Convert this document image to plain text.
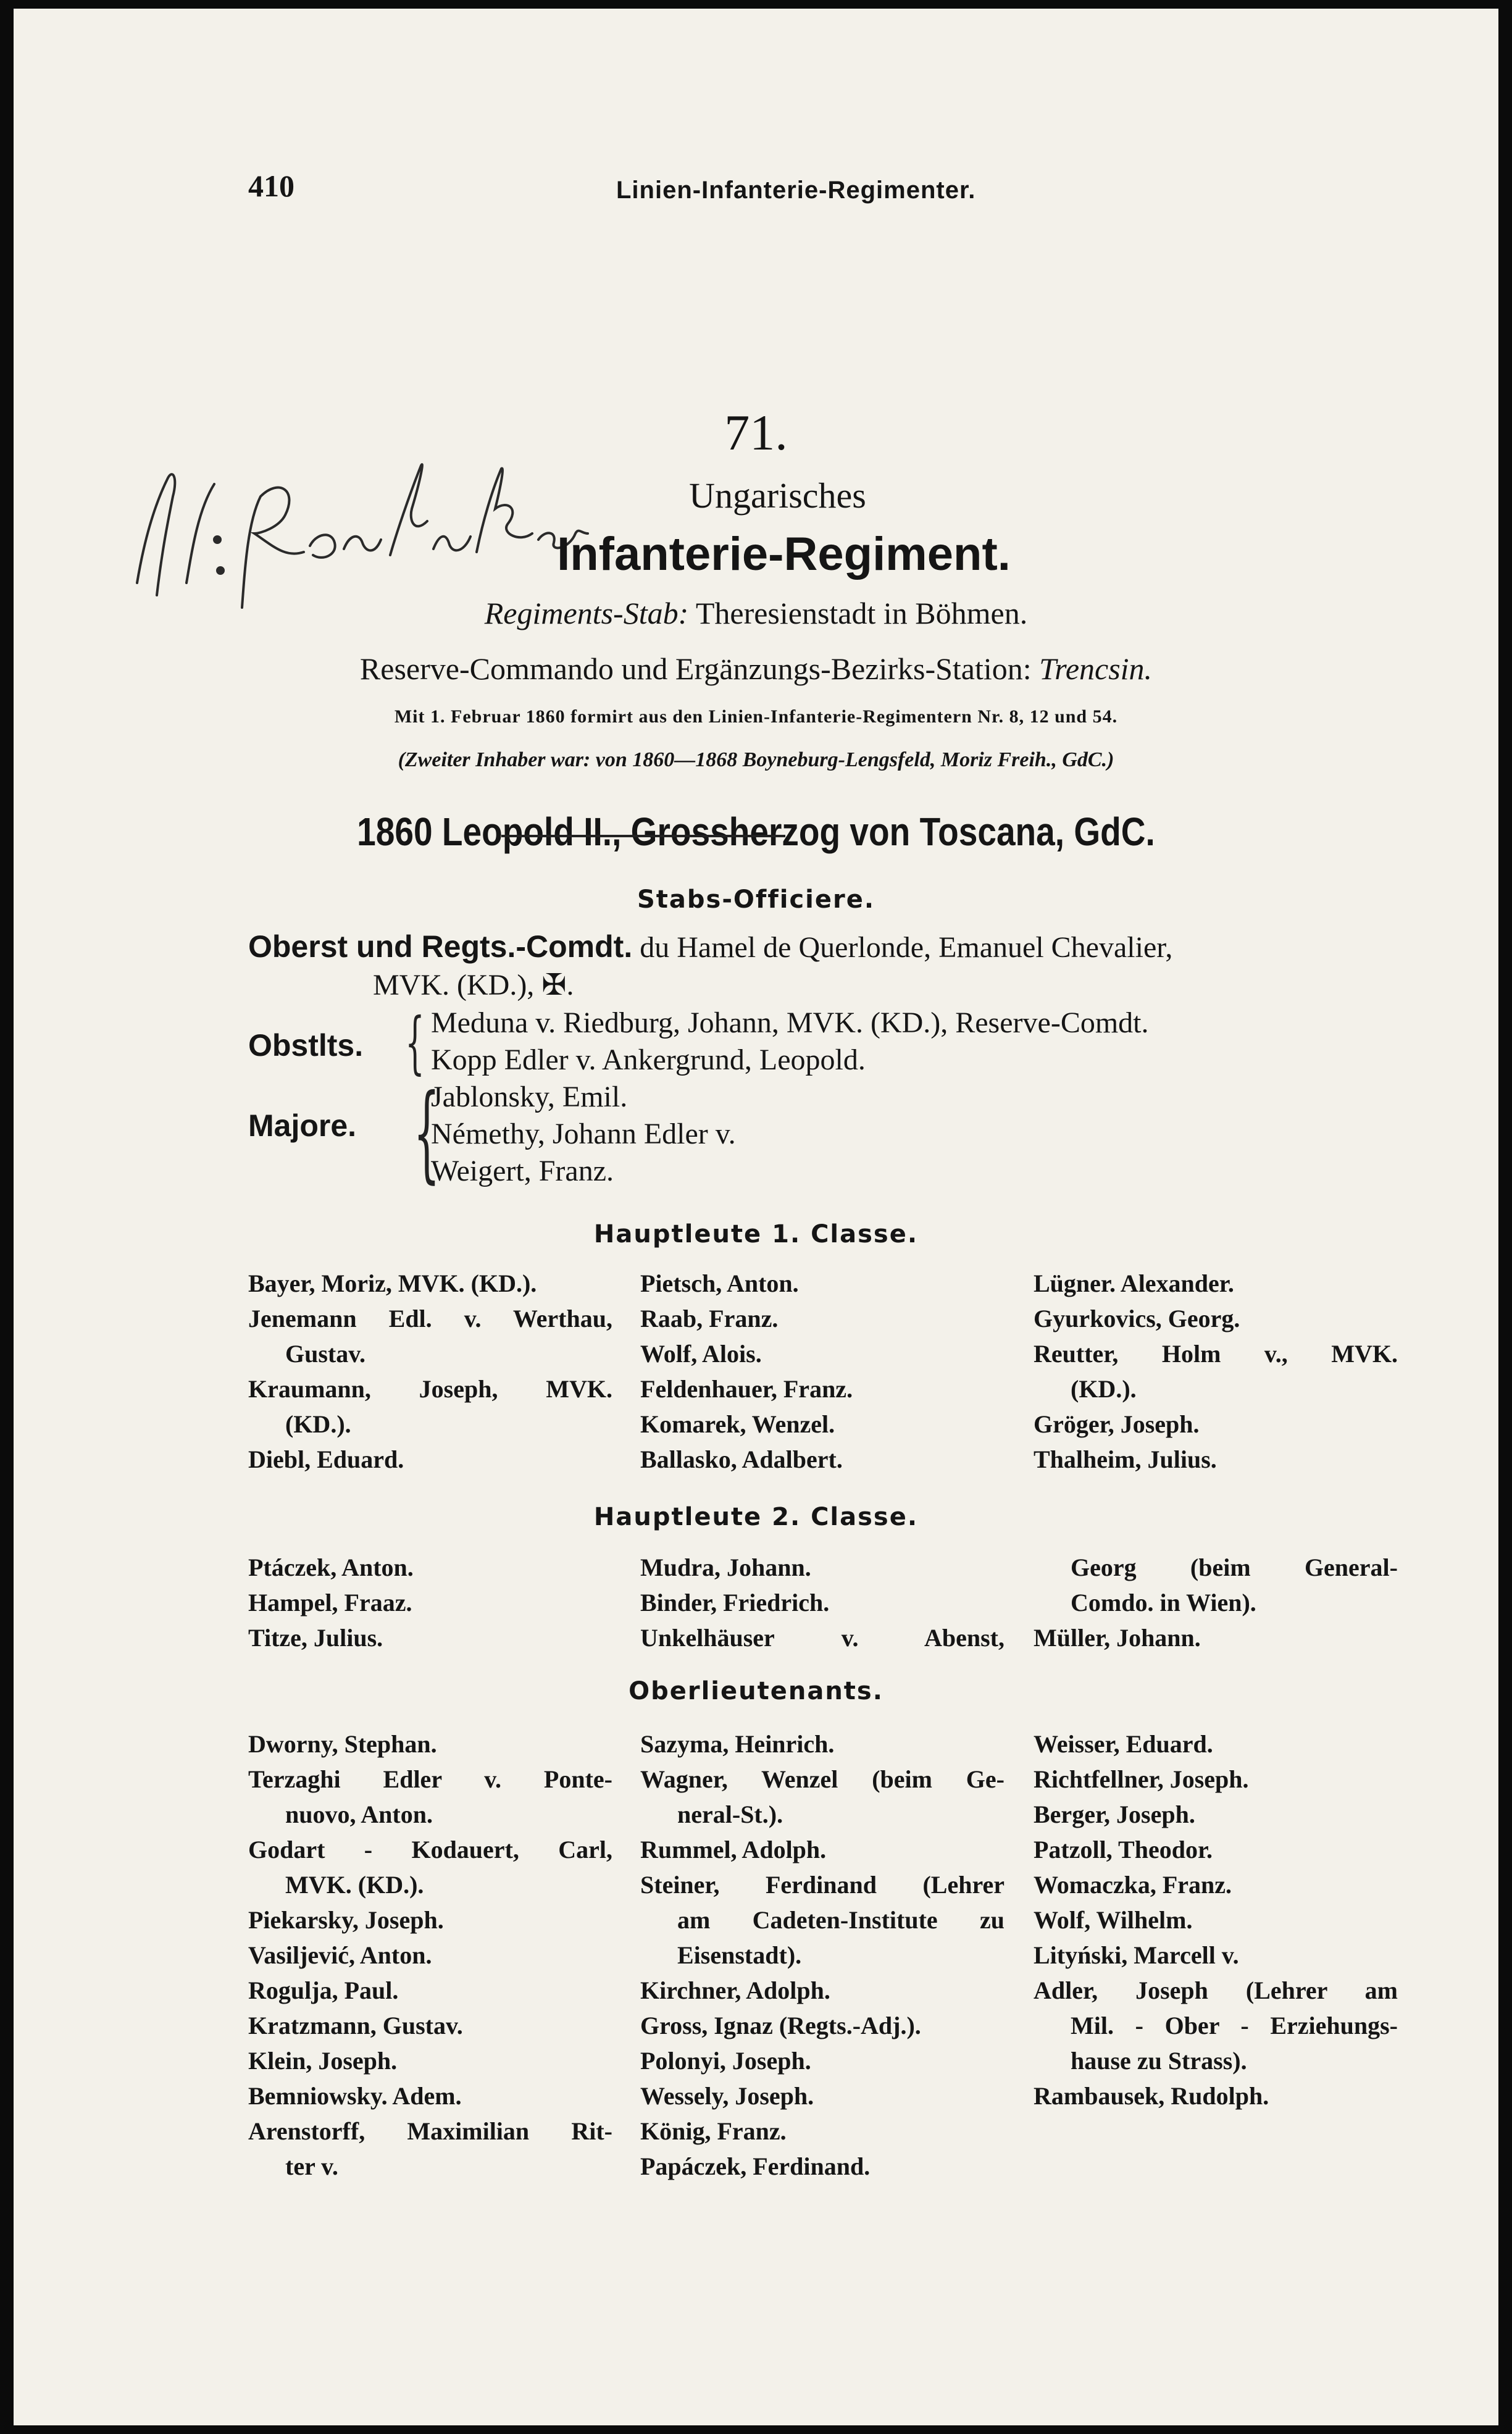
410	Linien-Infanterie-Regimenter.
71.
Ungarisches
Infanterie-Regiment.
Regiments-Stab: Theresienstadt in Böhmen.
Reserve-Commando und Ergänzungs-Bezirks-Station: Trencsin.
Mit 1. Februar 1860 formirt aus den Linien-Infanterie-Regimentern Nr. 8, 12 und 54.
(Zweiter Inhaber war: von 1860—1868 Boyneburg-Lengsfeld, Moriz Freih., GdC.)
1860 Leopold II., Grossherzog von Toscana, GdC.
Stabs-Officiere.
Oberst und Regts.-Comdt. du Hamel de Querlonde, Emanuel Chevalier,
MVK. (KD.), ✠.
Obstlts. { Meduna v. Riedburg, Johann, MVK. (KD.), Reserve-Comdt.
Kopp Edler v. Ankergrund, Leopold.
Majore. {
Jablonsky, Emil.
Némethy, Johann Edler v.
Weigert, Franz.
Hauptleute 1. Classe.
Bayer, Moriz, MVK. (KD.).
Jenemann Edl. v. Werthau,
Gustav.
Kraumann, Joseph, MVK.
(KD.).
Diebl, Eduard.
Pietsch, Anton.
Raab, Franz.
Wolf, Alois.
Feldenhauer, Franz.
Komarek, Wenzel.
Ballasko, Adalbert.
Lügner. Alexander.
Gyurkovics, Georg.
Reutter, Holm v., MVK.
(KD.).
Gröger, Joseph.
Thalheim, Julius.
Hauptleute 2. Classe.
Ptáczek, Anton.
Hampel, Fraaz.
Titze, Julius.
Mudra, Johann.
Binder, Friedrich.
Unkelhäuser v. Abenst,
Georg (beim General-
Comdo. in Wien).
Müller, Johann.
Oberlieutenants.
Dworny, Stephan.
Terzaghi Edler v. Ponte-
nuovo, Anton.
Godart - Kodauert, Carl,
MVK. (KD.).
Piekarsky, Joseph.
Vasiljević, Anton.
Rogulja, Paul.
Kratzmann, Gustav.
Klein, Joseph.
Bemniowsky. Adem.
Arenstorff, Maximilian Rit-
ter v.
Sazyma, Heinrich.
Wagner, Wenzel (beim Ge-
neral-St.).
Rummel, Adolph.
Steiner, Ferdinand (Lehrer
am Cadeten-Institute zu
Eisenstadt).
Kirchner, Adolph.
Gross, Ignaz (Regts.-Adj.).
Polonyi, Joseph.
Wessely, Joseph.
König, Franz.
Papáczek, Ferdinand.
Weisser, Eduard.
Richtfellner, Joseph.
Berger, Joseph.
Patzoll, Theodor.
Womaczka, Franz.
Wolf, Wilhelm.
Lityński, Marcell v.
Adler, Joseph (Lehrer am
Mil. - Ober - Erziehungs-
hause zu Strass).
Rambausek, Rudolph.
